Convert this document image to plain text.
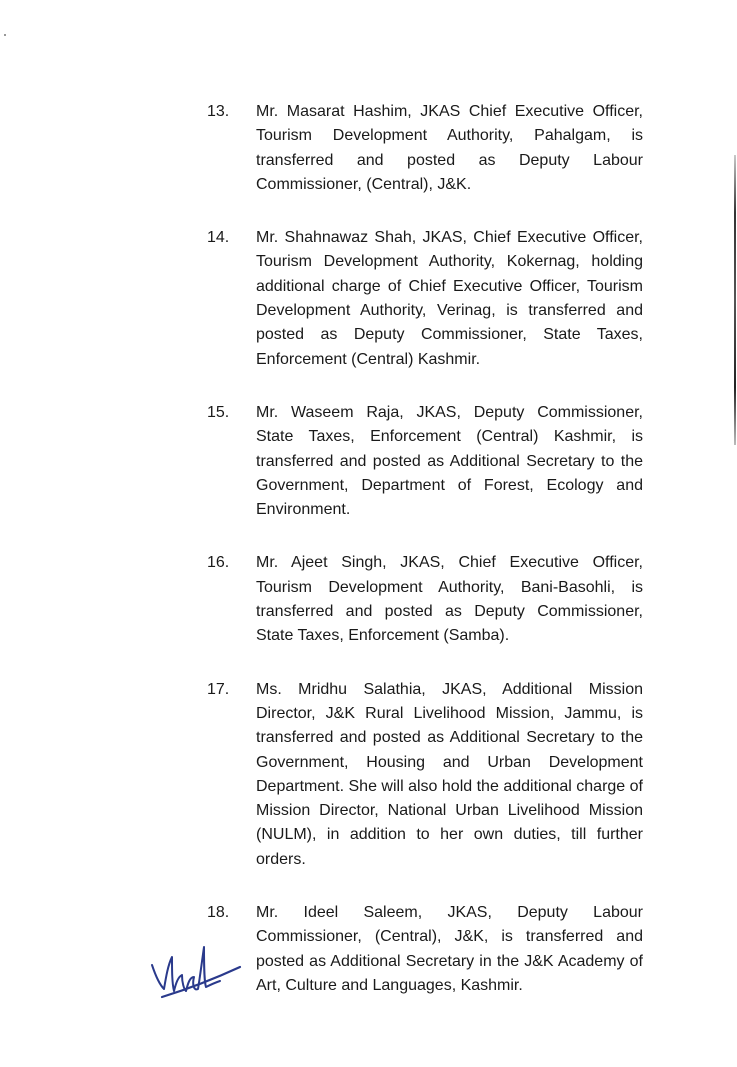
13.	Mr. Masarat Hashim, JKAS Chief Executive Officer, Tourism Development Authority, Pahalgam, is transferred and posted as Deputy Labour Commissioner, (Central), J&K.
14.	Mr. Shahnawaz Shah, JKAS, Chief Executive Officer, Tourism Development Authority, Kokernag, holding additional charge of Chief Executive Officer, Tourism Development Authority, Verinag, is transferred and posted as Deputy Commissioner, State Taxes, Enforcement (Central) Kashmir.
15.	Mr. Waseem Raja, JKAS, Deputy Commissioner, State Taxes, Enforcement (Central) Kashmir, is transferred and posted as Additional Secretary to the Government, Department of Forest, Ecology and Environment.
16.	Mr. Ajeet Singh, JKAS, Chief Executive Officer, Tourism Development Authority, Bani-Basohli, is transferred and posted as Deputy Commissioner, State Taxes, Enforcement (Samba).
17.	Ms. Mridhu Salathia, JKAS, Additional Mission Director, J&K Rural Livelihood Mission, Jammu, is transferred and posted as Additional Secretary to the Government, Housing and Urban Development Department. She will also hold the additional charge of Mission Director, National Urban Livelihood Mission (NULM), in addition to her own duties, till further orders.
18.	Mr. Ideel Saleem, JKAS, Deputy Labour Commissioner, (Central), J&K, is transferred and posted as Additional Secretary in the J&K Academy of Art, Culture and Languages, Kashmir.
